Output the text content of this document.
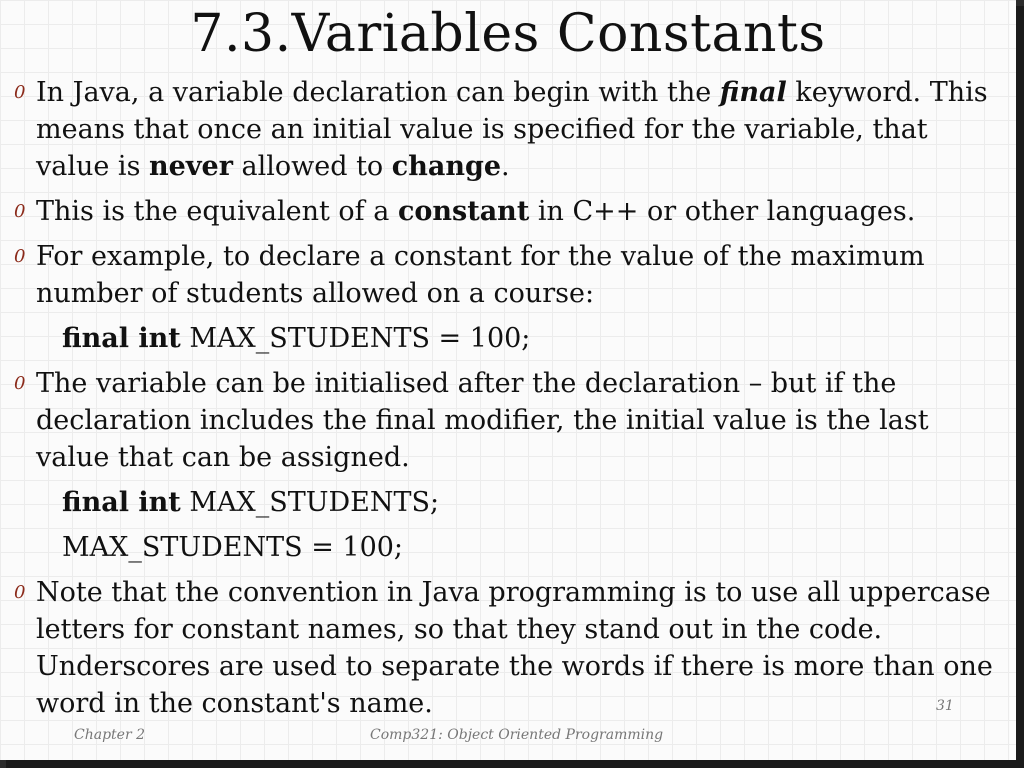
7.3.Variables Constants
0 In Java, a variable declaration can begin with the final keyword. This means that once an initial value is specified for the variable, that value is never allowed to change.
0 This is the equivalent of a constant in C++ or other languages.
0 For example, to declare a constant for the value of the maximum number of students allowed on a course:
final int MAX_STUDENTS = 100;
0 The variable can be initialised after the declaration – but if the declaration includes the final modifier, the initial value is the last value that can be assigned.
final int MAX_STUDENTS;
MAX_STUDENTS = 100;
0 Note that the convention in Java programming is to use all uppercase letters for constant names, so that they stand out in the code. Underscores are used to separate the words if there is more than one word in the constant's name.	31
Chapter 2	Comp321: Object Oriented Programming
